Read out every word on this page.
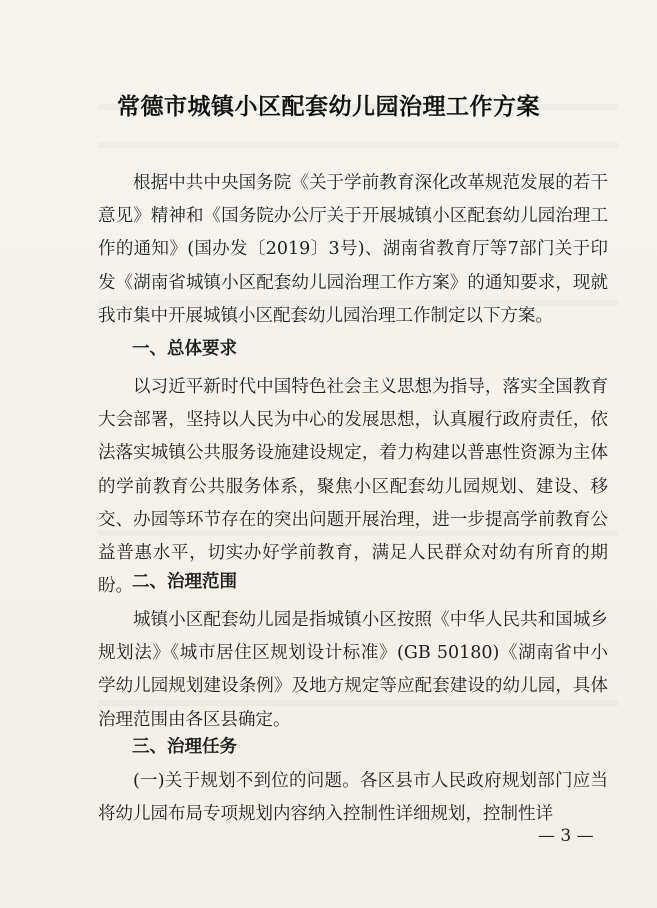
常德市城镇小区配套幼儿园治理工作方案
根据中共中央国务院《关于学前教育深化改革规范发展的若干意见》精神和《国务院办公厅关于开展城镇小区配套幼儿园治理工作的通知》(国办发〔2019〕3号)、湖南省教育厅等7部门关于印发《湖南省城镇小区配套幼儿园治理工作方案》的通知要求，现就我市集中开展城镇小区配套幼儿园治理工作制定以下方案。
一、总体要求
以习近平新时代中国特色社会主义思想为指导，落实全国教育大会部署，坚持以人民为中心的发展思想，认真履行政府责任，依法落实城镇公共服务设施建设规定，着力构建以普惠性资源为主体的学前教育公共服务体系，聚焦小区配套幼儿园规划、建设、移交、办园等环节存在的突出问题开展治理，进一步提高学前教育公益普惠水平，切实办好学前教育，满足人民群众对幼有所育的期盼。 二、治理范围
城镇小区配套幼儿园是指城镇小区按照《中华人民共和国城乡规划法》《城市居住区规划设计标准》(GB 50180)《湖南省中小学幼儿园规划建设条例》及地方规定等应配套建设的幼儿园，具体治理范围由各区县确定。
三、治理任务
(一)关于规划不到位的问题。各区县市人民政府规划部门应当将幼儿园布局专项规划内容纳入控制性详细规划，控制性详
— 3 —
